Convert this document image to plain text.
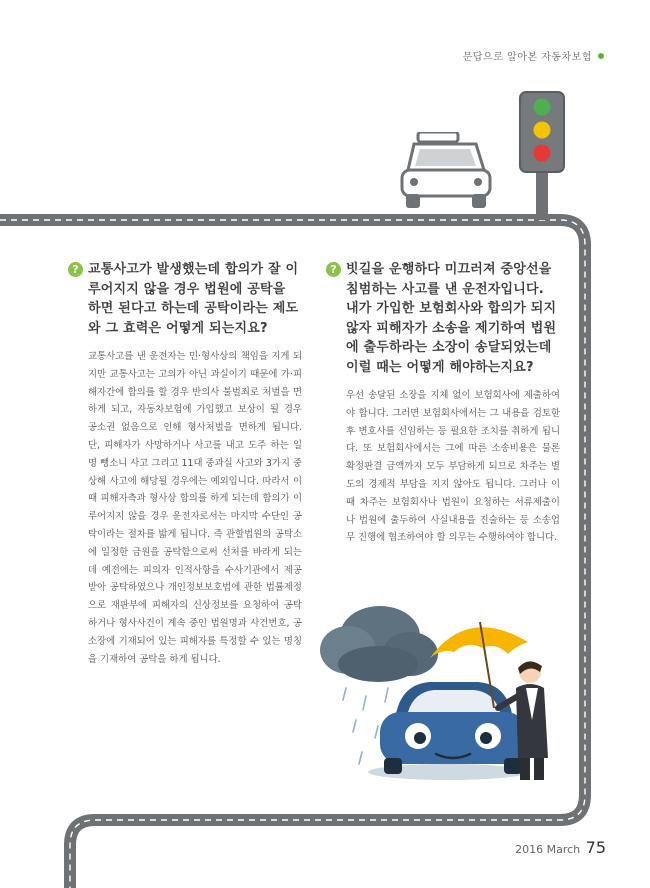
문답으로 알아본 자동차보험
? 교통사고가 발생했는데 합의가 잘 이루어지지 않을 경우 법원에 공탁을 하면 된다고 하는데 공탁이라는 제도와 그 효력은 어떻게 되는지요?
교통사고를 낸 운전자는 민·형사상의 책임을 지게 되지만 교통사고는 고의가 아닌 과실이기 때문에 가·피해자간에 합의를 할 경우 반의사 불벌죄로 처벌을 면하게 되고, 자동차보험에 가입했고 보상이 될 경우 공소권 없음으로 인해 형사처벌을 면하게 됩니다. 단, 피해자가 사망하거나 사고를 내고 도주 하는 일명 뺑소니 사고 그리고 11대 중과실 사고와 3가지 중상해 사고에 해당될 경우에는 예외입니다. 따라서 이때 피해자측과 형사상 합의를 하게 되는데 합의가 이루어지지 않을 경우 운전자로서는 마지막 수단인 공탁이라는 절차를 밟게 됩니다. 즉 관할법원의 공탁소에 일정한 금원을 공탁함으로써 선처를 바라게 되는데 예전에는 피의자 인적사항을 수사기관에서 제공받아 공탁하였으나 개인정보보호법에 관한 법률제정으로 재판부에 피해자의 신상정보를 요청하여 공탁하거나 형사사건이 계속 중인 법원명과 사건번호, 공소장에 기재되어 있는 피해자를 특정할 수 있는 명칭을 기재하여 공탁을 하게 됩니다.
? 빗길을 운행하다 미끄러져 중앙선을 침범하는 사고를 낸 운전자입니다. 내가 가입한 보험회사와 합의가 되지 않자 피해자가 소송을 제기하여 법원에 출두하라는 소장이 송달되었는데 이럴 때는 어떻게 해야하는지요?
우선 송달된 소장을 지체 없이 보험회사에 제출하여야 합니다. 그러면 보험회사에서는 그 내용을 검토한 후 변호사를 선임하는 등 필요한 조치를 취하게 됩니다. 또 보험회사에서는 그에 따른 소송비용은 물론 확정판결 금액까지 모두 부담하게 되므로 차주는 별도의 경제적 부담을 지지 않아도 됩니다. 그러나 이때 차주는 보험회사나 법원이 요청하는 서류제출이나 법원에 출두하여 사실내용을 진술하는 등 소송업무 진행에 협조하여야 할 의무는 수행하여야 합니다.
2016 March 75
